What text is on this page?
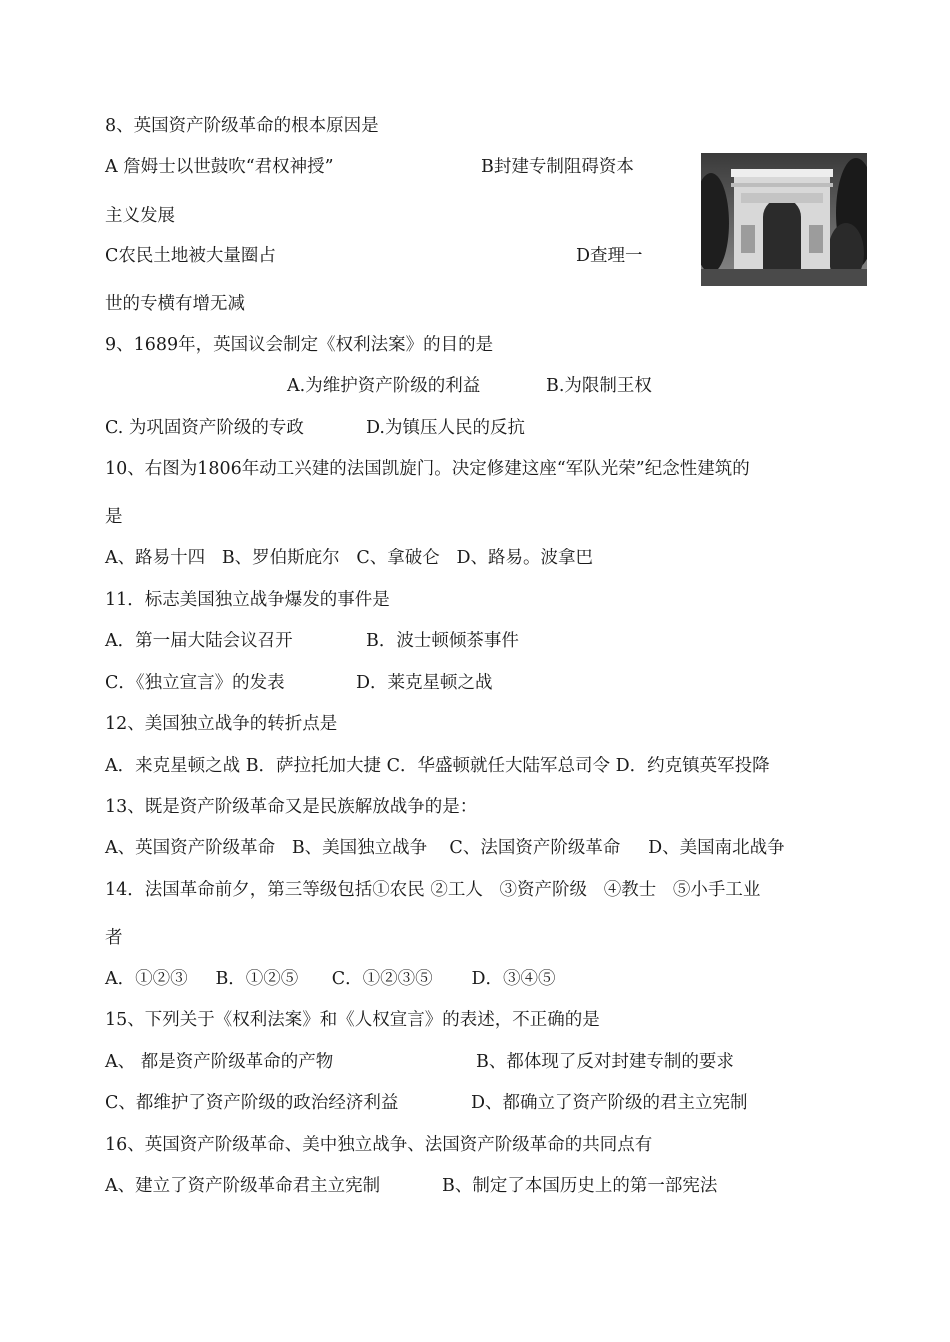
8、英国资产阶级革命的根本原因是
A 詹姆士以世鼓吹“君权神授”	B封建专制阻碍资本
主义发展
C农民土地被大量圈占	D查理一
世的专横有增无减
9、1689年，英国议会制定《权利法案》的目的是
A.为维护资产阶级的利益	B.为限制王权
C. 为巩固资产阶级的专政	D.为镇压人民的反抗
10、右图为1806年动工兴建的法国凯旋门。决定修建这座“军队光荣”纪念性建筑的
是
A、路易十四   B、罗伯斯庇尔   C、拿破仑   D、路易。波拿巴
11．标志美国独立战争爆发的事件是
A．第一届大陆会议召开	B．波士顿倾茶事件
C．《独立宣言》的发表	D．莱克星顿之战
12、美国独立战争的转折点是
A．来克星顿之战 B．萨拉托加大捷 C．华盛顿就任大陆军总司令 D．约克镇英军投降
13、既是资产阶级革命又是民族解放战争的是：
A、英国资产阶级革命   B、美国独立战争    C、法国资产阶级革命     D、美国南北战争
14．法国革命前夕，第三等级包括①农民 ②工人   ③资产阶级   ④教士   ⑤小手工业
者
A．①②③     B．①②⑤      C．①②③⑤       D．③④⑤
15、下列关于《权利法案》和《人权宣言》的表述，不正确的是
A、 都是资产阶级革命的产物	B、都体现了反对封建专制的要求
C、都维护了资产阶级的政治经济利益	D、都确立了资产阶级的君主立宪制
16、英国资产阶级革命、美中独立战争、法国资产阶级革命的共同点有
A、建立了资产阶级革命君主立宪制	B、制定了本国历史上的第一部宪法
